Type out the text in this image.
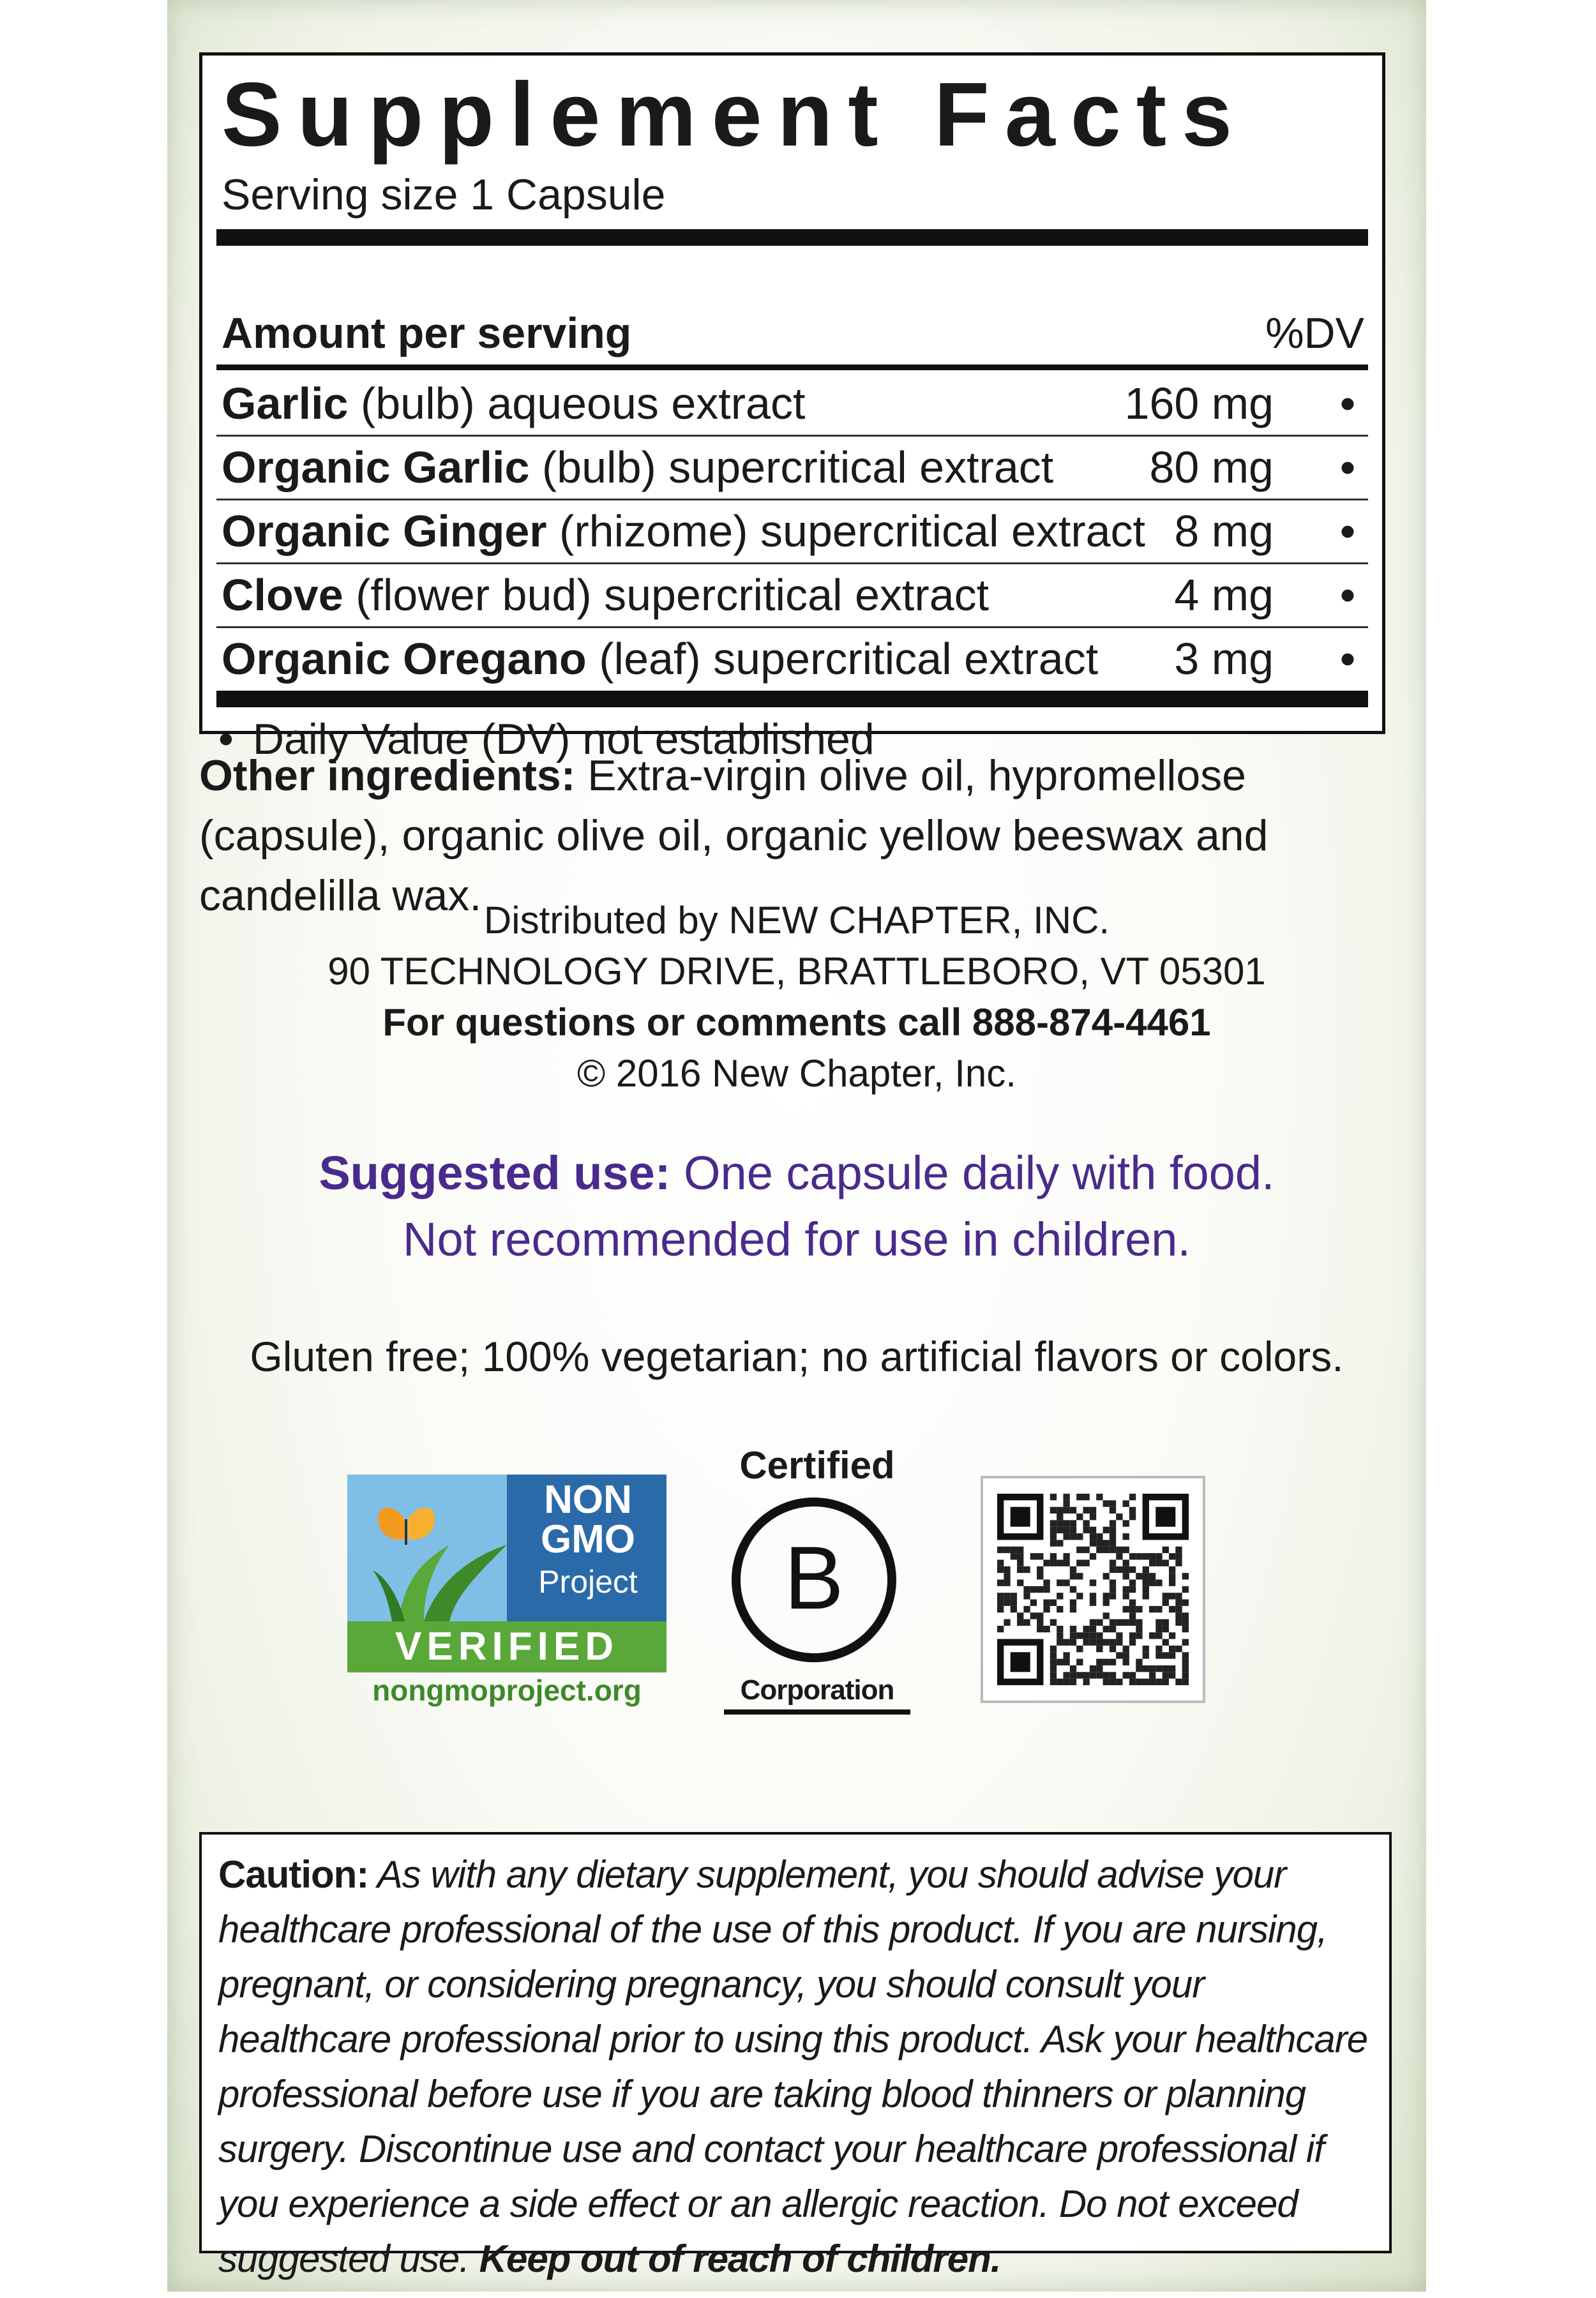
Supplement Facts
Serving size 1 Capsule
Amount per serving	%DV
Garlic (bulb) aqueous extract	160 mg •
Organic Garlic (bulb) supercritical extract 80 mg •
Organic Ginger (rhizome) supercritical extract 8 mg •
Clove (flower bud) supercritical extract	4 mg •
Organic Oregano (leaf) supercritical extract 3 mg •
Other ingredients: Extra-virgin olive oil, hypromellose (capsule), organic olive oil, organic yellow beeswax and candelilla wax.
Distributed by NEW CHAPTER, INC.
90 TECHNOLOGY DRIVE, BRATTLEBORO, VT 05301
For questions or comments call 888-874-4461
© 2016 New Chapter, Inc.
Suggested use: One capsule daily with food.
Not recommended for use in children.
Gluten free; 100% vegetarian; no artificial flavors or colors.
NON
GMO
Project
VERIFIED
nongmoproject.org
Certified
B
Corporation
Caution: As with any dietary supplement, you should advise your healthcare professional of the use of this product. If you are nursing, pregnant, or considering pregnancy, you should consult your healthcare professional prior to using this product. Ask your healthcare professional before use if you are taking blood thinners or planning surgery. Discontinue use and contact your healthcare professional if you experience a side effect or an allergic reaction. Do not exceed suggested use. Keep out of reach of children.
• Daily Value (DV) not established
